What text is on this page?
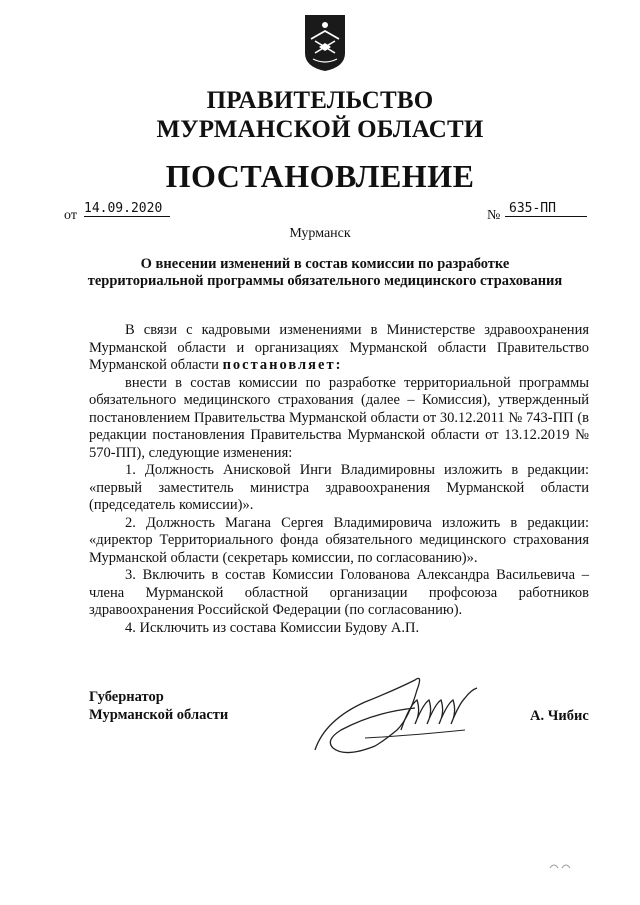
ПРАВИТЕЛЬСТВО
МУРМАНСКОЙ ОБЛАСТИ
ПОСТАНОВЛЕНИЕ
от 14.09.2020	№ 635-ПП
Мурманск
О внесении изменений в состав комиссии по разработке
территориальной программы обязательного медицинского страхования

В связи с кадровыми изменениями в Министерстве здравоохранения Мурманской области и организациях Мурманской области Правительство Мурманской области постановляет:

внести в состав комиссии по разработке территориальной программы обязательного медицинского страхования (далее – Комиссия), утвержденный постановлением Правительства Мурманской области от 30.12.2011 № 743-ПП (в редакции постановления Правительства Мурманской области от 13.12.2019 № 570-ПП), следующие изменения:

1. Должность Анисковой Инги Владимировны изложить в редакции: «первый заместитель министра здравоохранения Мурманской области (председатель комиссии)».

2. Должность Магана Сергея Владимировича изложить в редакции: «директор Территориального фонда обязательного медицинского страхования Мурманской области (секретарь комиссии, по согласованию)».

3. Включить в состав Комиссии Голованова Александра Васильевича – члена Мурманской областной организации профсоюза работников здравоохранения Российской Федерации (по согласованию).

4. Исключить из состава Комиссии Будову А.П.

Губернатор
Мурманской области	А. Чибис
